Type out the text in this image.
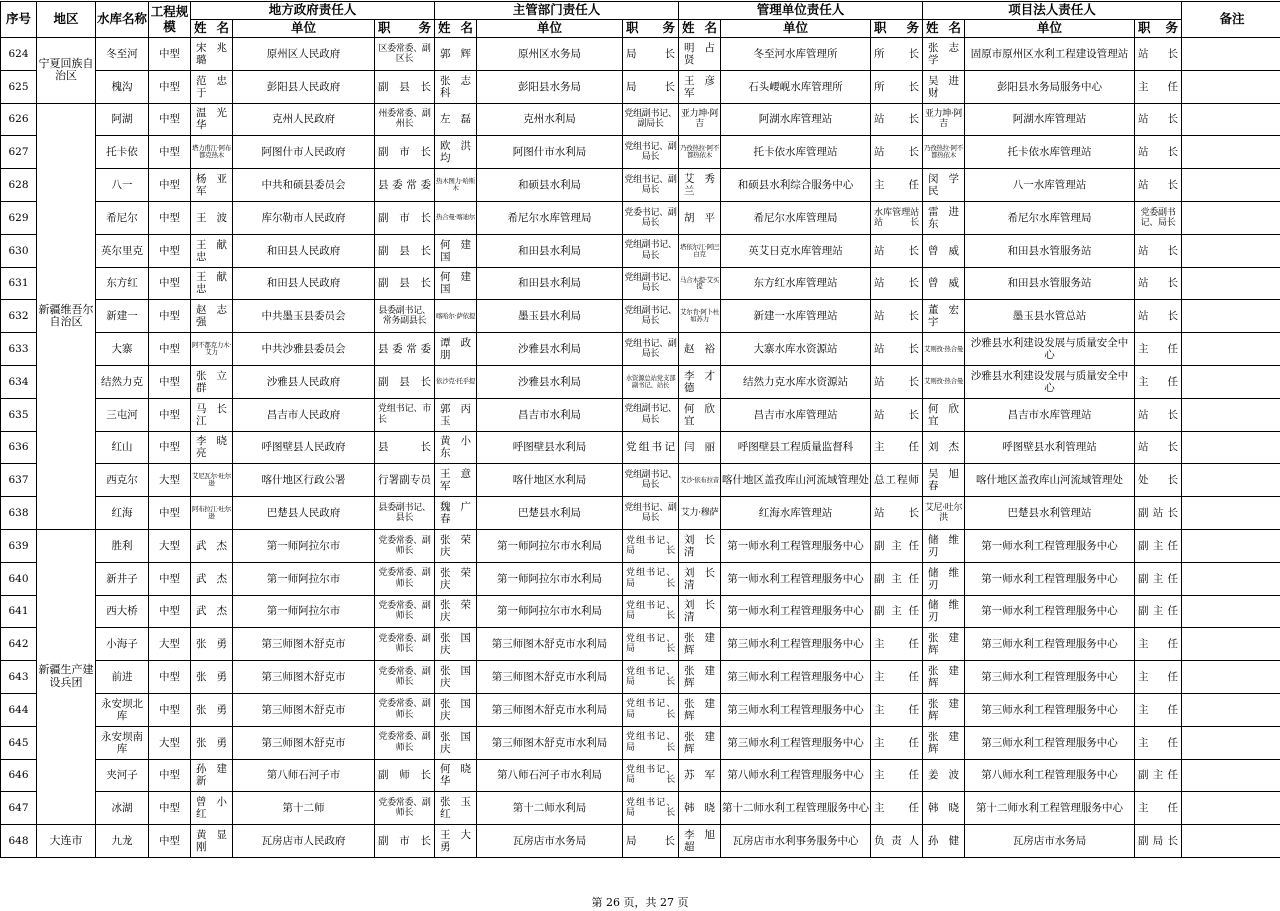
序号	地区	水库名称	工程规模	地方政府责任人			主管部门责任人			管理单位责任人			项目法人责任人			备注
				姓 名	单位	职 务	姓 名	单位	职 务	姓 名	单位	职 务	姓 名	单位	职 务	
624	宁夏回族自治区	冬至河	中型	宋兆璐	原州区人民政府	区委常委、副区长	郭 辉	原州区水务局	局长	明占贤	冬至河水库管理所	所长	张志学	固原市原州区水利工程建设管理站	站长	
625		槐沟	中型	范忠于	彭阳县人民政府	副县长	张志科	彭阳县水务局	局长	王彦军	石头崾岘水库管理所	所长	吴进财	彭阳县水务局服务中心	主任	
626	新疆维吾尔自治区	阿湖	中型	温光华	克州人民政府	州委常委、副州长	左 磊	克州水利局	党组副书记、副局长	亚力坤·阿吉	阿湖水库管理站	站长	亚力坤·阿吉	阿湖水库管理站	站长	
627		托卡依	中型	塔力甫江·阿布都克热木	阿图什市人民政府	副市长	欧洪均	阿图什市水利局	党组书记、副局长	乃孜热拉·阿不都热依木	托卡依水库管理站	站长	乃孜热拉·阿不都热依木	托卡依水库管理站	站长	
628		八一	中型	杨亚军	中共和硕县委员会	县委常委	热木图力·哈斯木	和硕县水利局	党组书记、副局长	艾秀兰	和硕县水利综合服务中心	主任	闵学民	八一水库管理站	站长	
629		希尼尔	中型	王 波	库尔勒市人民政府	副市长	热合曼·喀迪尔	希尼尔水库管理局	党委书记、副局长	胡 平	希尼尔水库管理局	水库管理站站长	雷进东	希尼尔水库管理局	党委副书记、局长	
630		英尔里克	中型	王献忠	和田县人民政府	副县长	何建国	和田县水利局	党组副书记、局长	塔依尔江·阿巴白克	英艾日克水库管理站	站长	曾 威	和田县水管服务站	站长	
631		东方红	中型	王献忠	和田县人民政府	副县长	何建国	和田县水利局	党组副书记、局长	马合木提·艾买提	东方红水库管理站	站长	曾 威	和田县水管服务站	站长	
632		新建一	中型	赵志强	中共墨玉县委员会	县委副书记、常务副县长	喀哈尔·萨依提	墨玉县水利局	党组副书记、局长	艾尔肯·阿卜杜如苏力	新建一水库管理站	站长	董宏宇	墨玉县水管总站	站长	
633		大寨	中型	阿不都克力木·艾力	中共沙雅县委员会	县委常委	谭政朋	沙雅县水利局	党组书记、副局长	赵 裕	大寨水库水资源站	站长	艾则孜·热合曼	沙雅县水利建设发展与质量安全中心	主任	
634		结然力克	中型	张立群	沙雅县人民政府	副县长	依沙克·托乎提	沙雅县水利局	水资源总站党支部副书记、站长	李才德	结然力克水库水资源站	站长	艾则孜·热合曼	沙雅县水利建设发展与质量安全中心	主任	
635		三屯河	中型	马长江	昌吉市人民政府	党组书记、市长	郭丙玉	昌吉市水利局	党组副书记、局长	何欣宜	昌吉市水库管理站	站长	何欣宜	昌吉市水库管理站	站长	
636		红山	中型	李晓亮	呼图壁县人民政府	县长	黄小东	呼图壁县水利局	党组书记	闫 丽	呼图壁县工程质量监督科	主任	刘 杰	呼图壁县水利管理站	站长	
637		西克尔	大型	艾尼瓦尔·吐尔逊	喀什地区行政公署	行署副专员	王意军	喀什地区水利局	党组副书记、局长	艾沙·依布拉音	喀什地区盖孜库山河流域管理处	总工程师	吴旭春	喀什地区盖孜库山河流域管理处	处长	
638		红海	中型	阿布拉江·吐尔逊	巴楚县人民政府	县委副书记、县长	魏广春	巴楚县水利局	党组书记、副局长	艾力·穆萨	红海水库管理站	站长	艾尼·吐尔洪	巴楚县水利管理站	副站长	
639	新疆生产建设兵团	胜利	大型	武 杰	第一师阿拉尔市	党委常委、副师长	张荣庆	第一师阿拉尔市水利局	党组书记、局长	刘长清	第一师水利工程管理服务中心	副主任	储维刃	第一师水利工程管理服务中心	副主任	
640		新井子	中型	武 杰	第一师阿拉尔市	党委常委、副师长	张荣庆	第一师阿拉尔市水利局	党组书记、局长	刘长清	第一师水利工程管理服务中心	副主任	储维刃	第一师水利工程管理服务中心	副主任	
641		西大桥	中型	武 杰	第一师阿拉尔市	党委常委、副师长	张荣庆	第一师阿拉尔市水利局	党组书记、局长	刘长清	第一师水利工程管理服务中心	副主任	储维刃	第一师水利工程管理服务中心	副主任	
642		小海子	大型	张 勇	第三师图木舒克市	党委常委、副师长	张国庆	第三师图木舒克市水利局	党组书记、局长	张建辉	第三师水利工程管理服务中心	主任	张建辉	第三师水利工程管理服务中心	主任	
643		前进	中型	张 勇	第三师图木舒克市	党委常委、副师长	张国庆	第三师图木舒克市水利局	党组书记、局长	张建辉	第三师水利工程管理服务中心	主任	张建辉	第三师水利工程管理服务中心	主任	
644		永安坝北库	中型	张 勇	第三师图木舒克市	党委常委、副师长	张国庆	第三师图木舒克市水利局	党组书记、局长	张建辉	第三师水利工程管理服务中心	主任	张建辉	第三师水利工程管理服务中心	主任	
645		永安坝南库	大型	张 勇	第三师图木舒克市	党委常委、副师长	张国庆	第三师图木舒克市水利局	党组书记、局长	张建辉	第三师水利工程管理服务中心	主任	张建辉	第三师水利工程管理服务中心	主任	
646		夹河子	中型	孙建新	第八师石河子市	副师长	何晓华	第八师石河子市水利局	党组书记、局长	苏 军	第八师水利工程管理服务中心	主任	姜 波	第八师水利工程管理服务中心	副主任	
647		冰湖	中型	曾小红	第十二师	党委常委、副师长	张玉红	第十二师水利局	党组书记、局长	韩 晓	第十二师水利工程管理服务中心	主任	韩 晓	第十二师水利工程管理服务中心	主任	
648	大连市	九龙	中型	黄显刚	瓦房店市人民政府	副市长	王大勇	瓦房店市水务局	局长	李旭超	瓦房店市水利事务服务中心	负责人	孙 健	瓦房店市水务局	副局长	
第 26 页，共 27 页
